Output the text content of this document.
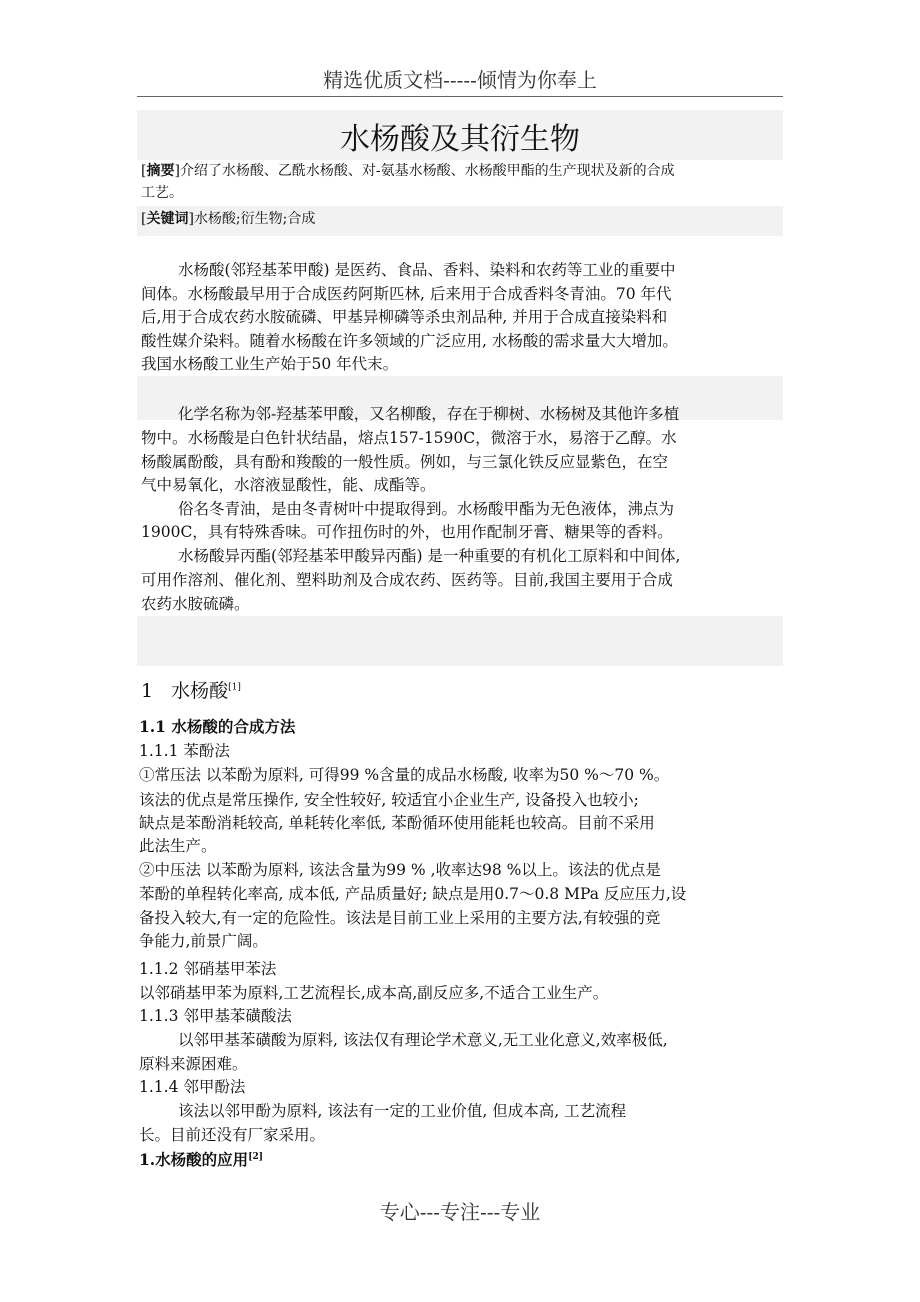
精选优质文档-----倾情为你奉上
水杨酸及其衍生物
[摘要]介绍了水杨酸、乙酰水杨酸、对-氨基水杨酸、水杨酸甲酯的生产现状及新的合成
工艺。
[关键词]水杨酸;衍生物;合成
水杨酸(邻羟基苯甲酸) 是医药、食品、香料、染料和农药等工业的重要中
间体。水杨酸最早用于合成医药阿斯匹林, 后来用于合成香料冬青油。70 年代
后,用于合成农药水胺硫磷、甲基异柳磷等杀虫剂品种, 并用于合成直接染料和
酸性媒介染料。随着水杨酸在许多领域的广泛应用, 水杨酸的需求量大大增加。
我国水杨酸工业生产始于50 年代末。
化学名称为邻-羟基苯甲酸，又名柳酸，存在于柳树、水杨树及其他许多植
物中。水杨酸是白色针状结晶，熔点157-1590C，微溶于水，易溶于乙醇。水
杨酸属酚酸，具有酚和羧酸的一般性质。例如，与三氯化铁反应显紫色，在空
气中易氧化，水溶液显酸性，能、成酯等。
俗名冬青油，是由冬青树叶中提取得到。水杨酸甲酯为无色液体，沸点为
1900C，具有特殊香味。可作扭伤时的外，也用作配制牙膏、糖果等的香料。
水杨酸异丙酯(邻羟基苯甲酸异丙酯) 是一种重要的有机化工原料和中间体,
可用作溶剂、催化剂、塑料助剂及合成农药、医药等。目前,我国主要用于合成
农药水胺硫磷。
1 水杨酸[1]
1.1 水杨酸的合成方法
1.1.1 苯酚法
①常压法 以苯酚为原料, 可得99 %含量的成品水杨酸, 收率为50 %～70 %。
该法的优点是常压操作, 安全性较好, 较适宜小企业生产, 设备投入也较小;
缺点是苯酚消耗较高, 单耗转化率低, 苯酚循环使用能耗也较高。目前不采用
此法生产。
②中压法 以苯酚为原料, 该法含量为99 % ,收率达98 %以上。该法的优点是
苯酚的单程转化率高, 成本低, 产品质量好; 缺点是用0.7～0.8 MPa 反应压力,设
备投入较大,有一定的危险性。该法是目前工业上采用的主要方法,有较强的竞
争能力,前景广阔。
1.1.2 邻硝基甲苯法
以邻硝基甲苯为原料,工艺流程长,成本高,副反应多,不适合工业生产。
1.1.3 邻甲基苯磺酸法
以邻甲基苯磺酸为原料, 该法仅有理论学术意义,无工业化意义,效率极低,
原料来源困难。
1.1.4 邻甲酚法
该法以邻甲酚为原料, 该法有一定的工业价值, 但成本高, 工艺流程
长。目前还没有厂家采用。
1.水杨酸的应用[2]
专心---专注---专业
